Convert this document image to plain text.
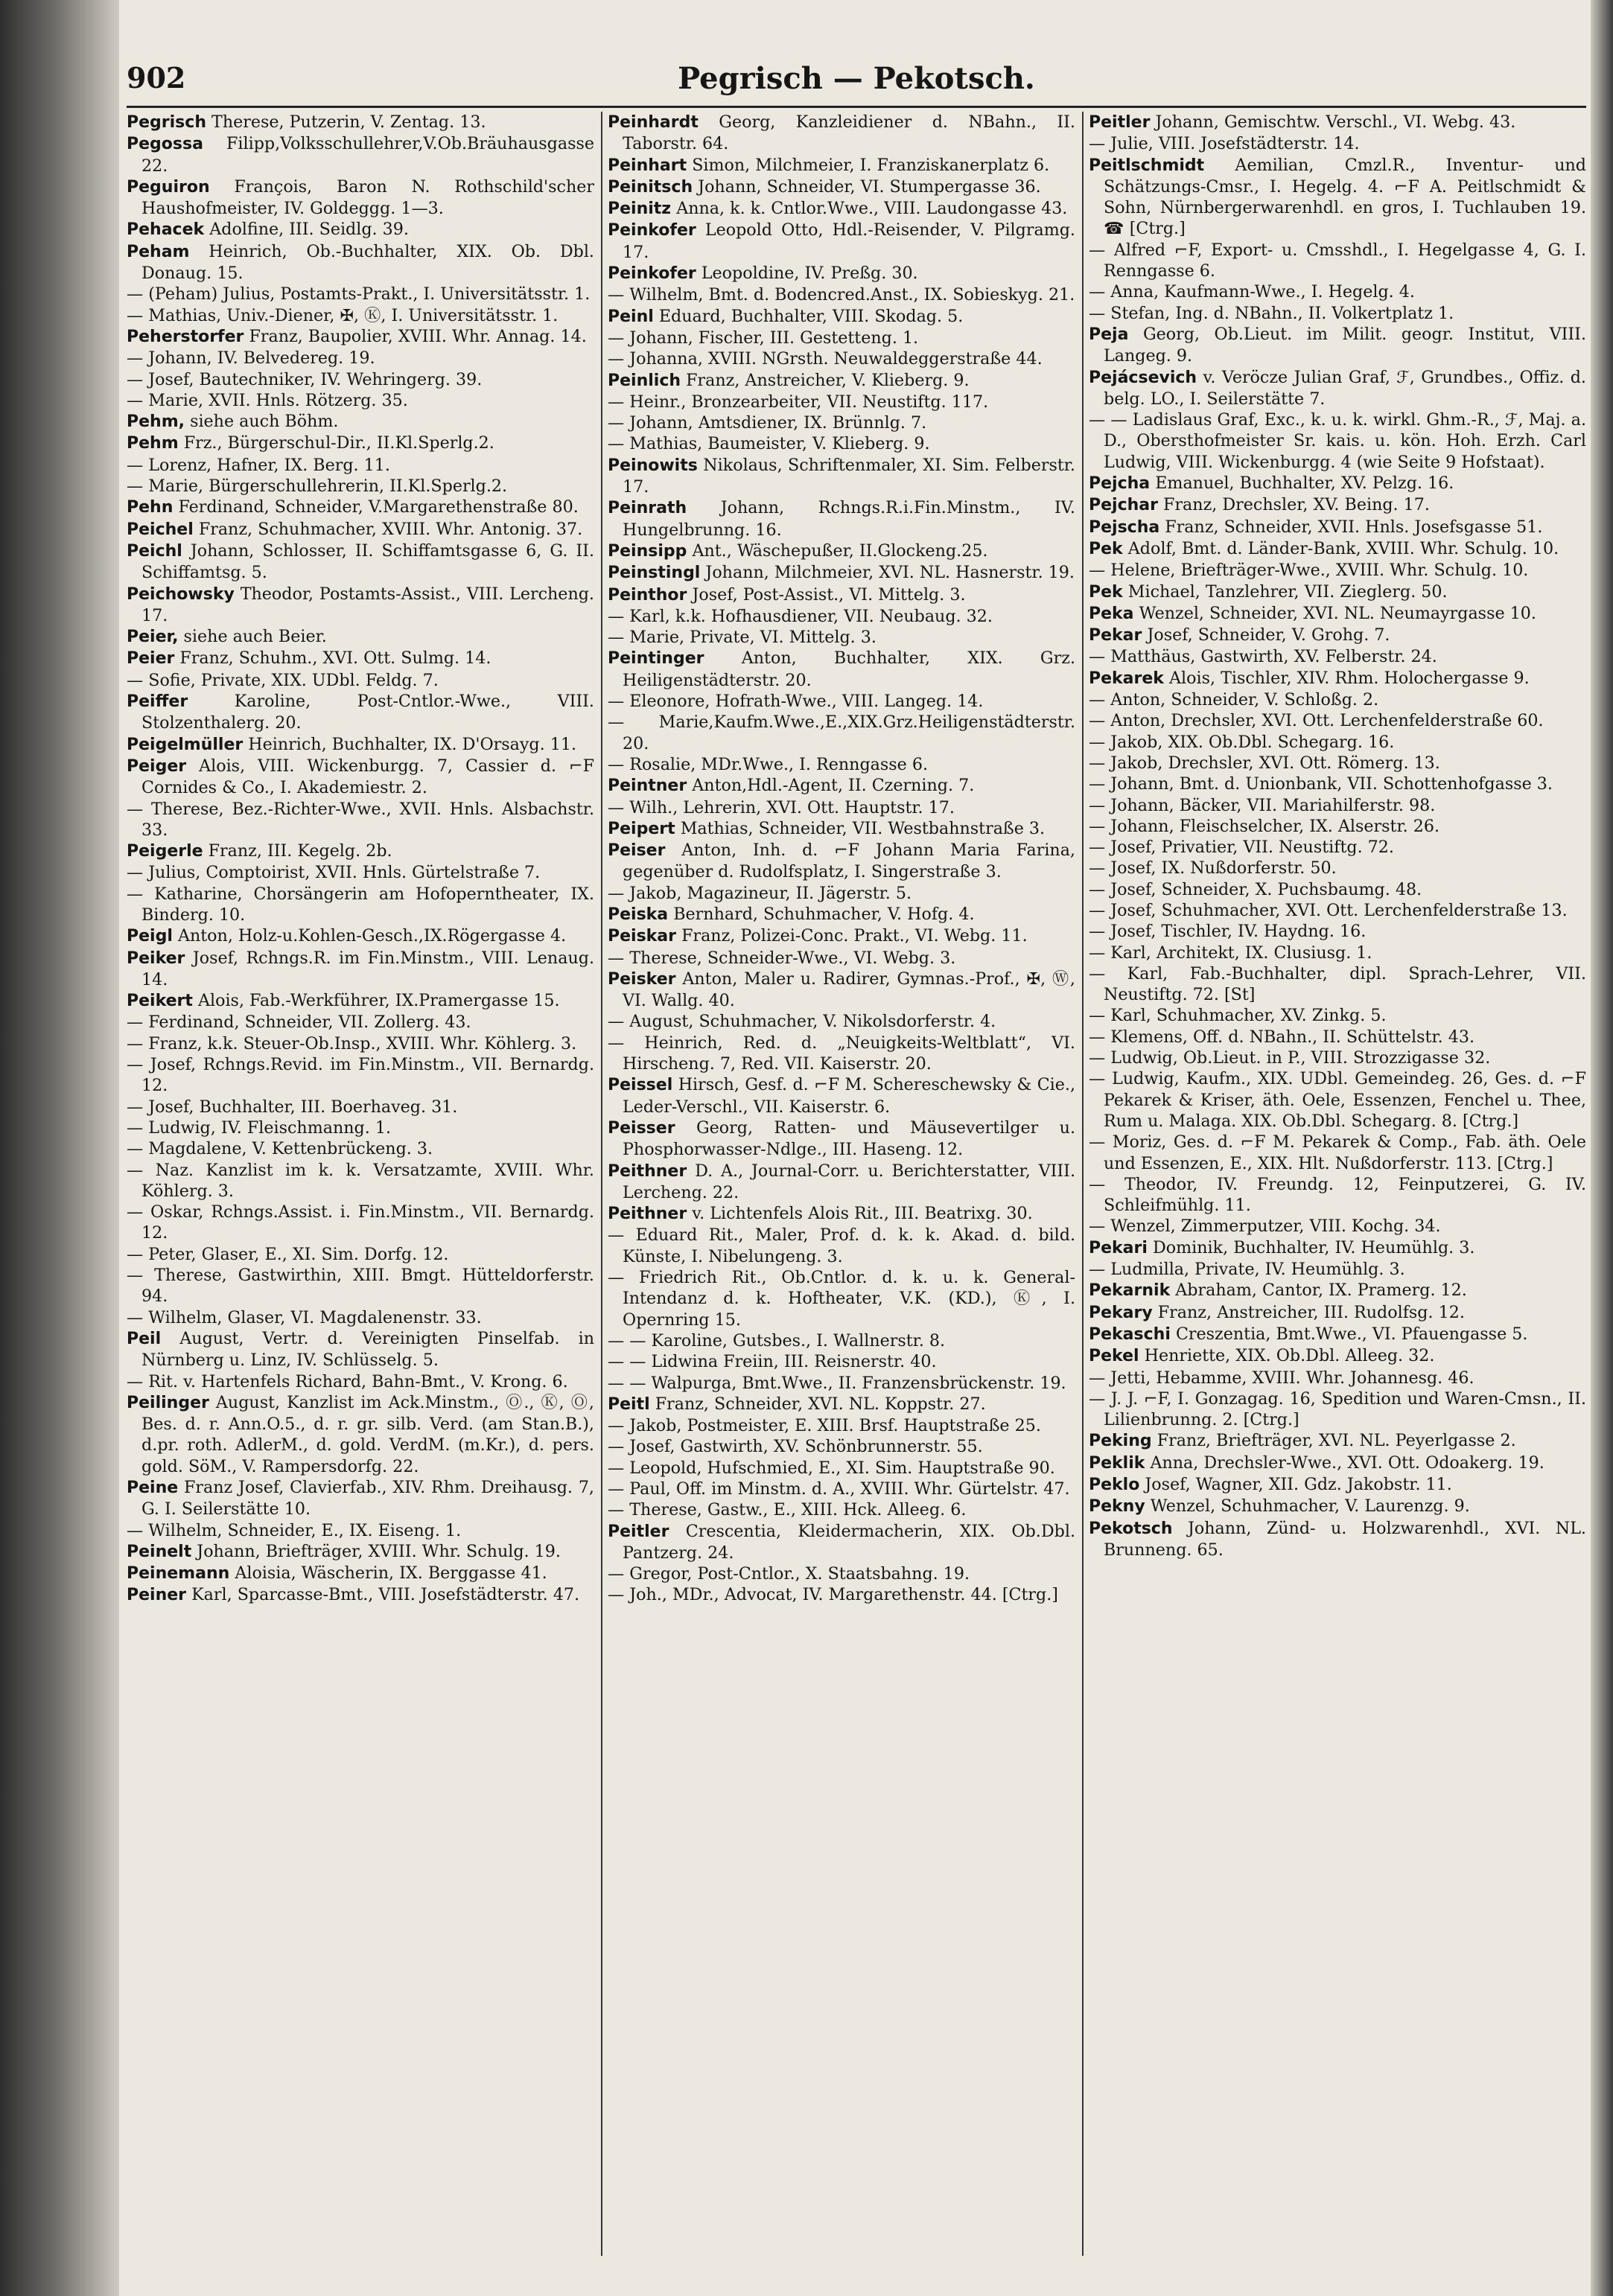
902	Pegrisch — Pekotsch.
Pegrisch Therese, Putzerin, V. Zentag. 13.
Pegossa Filipp,Volksschullehrer,V.Ob.Bräuhausgasse 22.
Peguiron François, Baron N. Rothschild'scher Haushofmeister, IV. Goldeggg. 1—3.
Pehacek Adolfine, III. Seidlg. 39.
Peham Heinrich, Ob.-Buchhalter, XIX. Ob. Dbl. Donaug. 15.
— (Peham) Julius, Postamts-Prakt., I. Universitätsstr. 1.
— Mathias, Univ.-Diener, ✠, Ⓚ, I. Universitätsstr. 1.
Peherstorfer Franz, Baupolier, XVIII. Whr. Annag. 14.
— Johann, IV. Belvedereg. 19.
— Josef, Bautechniker, IV. Wehringerg. 39.
— Marie, XVII. Hnls. Rötzerg. 35.
Pehm, siehe auch Böhm.
Pehm Frz., Bürgerschul-Dir., II.Kl.Sperlg.2.
— Lorenz, Hafner, IX. Berg. 11.
— Marie, Bürgerschullehrerin, II.Kl.Sperlg.2.
Pehn Ferdinand, Schneider, V.Margarethenstraße 80.
Peichel Franz, Schuhmacher, XVIII. Whr. Antonig. 37.
Peichl Johann, Schlosser, II. Schiffamtsgasse 6, G. II. Schiffamtsg. 5.
Peichowsky Theodor, Postamts-Assist., VIII. Lercheng. 17.
Peier, siehe auch Beier.
Peier Franz, Schuhm., XVI. Ott. Sulmg. 14.
— Sofie, Private, XIX. UDbl. Feldg. 7.
Peiffer	Karoline, Post-Cntlor.-Wwe., VIII. Stolzenthalerg. 20.
Peigelmüller Heinrich, Buchhalter, IX. D'Orsayg. 11.
Peiger Alois, VIII. Wickenburgg. 7, Cassier d. ⌐F Cornides & Co., I. Akademiestr. 2.
— Therese, Bez.-Richter-Wwe., XVII. Hnls. Alsbachstr. 33.
Peigerle Franz, III. Kegelg. 2b.
— Julius, Comptoirist, XVII. Hnls. Gürtelstraße 7.
— Katharine, Chorsängerin am Hofoperntheater, IX. Binderg. 10.
Peigl Anton, Holz-u.Kohlen-Gesch.,IX.Rögergasse 4.
Peiker Josef, Rchngs.R. im Fin.Minstm., VIII. Lenaug. 14.
Peikert Alois, Fab.-Werkführer, IX.Pramergasse 15.
— Ferdinand, Schneider, VII. Zollerg. 43.
— Franz, k.k. Steuer-Ob.Insp., XVIII. Whr. Köhlerg. 3.
— Josef, Rchngs.Revid. im Fin.Minstm., VII. Bernardg. 12.
— Josef, Buchhalter, III. Boerhaveg. 31.
— Ludwig, IV. Fleischmanng. 1.
— Magdalene, V. Kettenbrückeng. 3.
— Naz. Kanzlist im k. k. Versatzamte, XVIII. Whr. Köhlerg. 3.
— Oskar, Rchngs.Assist. i. Fin.Minstm., VII. Bernardg. 12.
— Peter, Glaser, E., XI. Sim. Dorfg. 12.
— Therese, Gastwirthin, XIII. Bmgt. Hütteldorferstr. 94.
— Wilhelm, Glaser, VI. Magdalenenstr. 33.
Peil August, Vertr. d. Vereinigten Pinselfab. in Nürnberg u. Linz, IV. Schlüsselg. 5.
— Rit. v. Hartenfels Richard, Bahn-Bmt., V. Krong. 6.
Peilinger August, Kanzlist im Ack.Minstm., Ⓞ., Ⓚ, Ⓞ, Bes. d. r. Ann.O.5., d. r. gr. silb. Verd. (am Stan.B.), d.pr. roth. AdlerM., d. gold. VerdM. (m.Kr.), d. pers. gold. SöM., V. Rampersdorfg. 22.
Peine Franz Josef, Clavierfab., XIV. Rhm. Dreihausg. 7, G. I. Seilerstätte 10.
— Wilhelm, Schneider, E., IX. Eiseng. 1.
Peinelt Johann, Briefträger, XVIII. Whr. Schulg. 19.
Peinemann Aloisia, Wäscherin, IX. Berggasse 41.
Peiner Karl, Sparcasse-Bmt., VIII. Josefstädterstr. 47.
Peinhardt Georg, Kanzleidiener d. NBahn., II. Taborstr. 64.
Peinhart Simon, Milchmeier, I. Franziskanerplatz 6.
Peinitsch Johann, Schneider, VI. Stumpergasse 36.
Peinitz Anna, k. k. Cntlor.Wwe., VIII. Laudongasse 43.
Peinkofer Leopold Otto, Hdl.-Reisender, V. Pilgramg. 17.
Peinkofer Leopoldine, IV. Preßg. 30.
— Wilhelm, Bmt. d. Bodencred.Anst., IX. Sobieskyg. 21.
Peinl Eduard, Buchhalter, VIII. Skodag. 5.
— Johann, Fischer, III. Gestetteng. 1.
— Johanna, XVIII. NGrsth. Neuwaldeggerstraße 44.
Peinlich Franz, Anstreicher, V. Klieberg. 9.
— Heinr., Bronzearbeiter, VII. Neustiftg. 117.
— Johann, Amtsdiener, IX. Brünnlg. 7.
— Mathias, Baumeister, V. Klieberg. 9.
Peinowits Nikolaus, Schriftenmaler, XI. Sim. Felberstr. 17.
Peinrath Johann, Rchngs.R.i.Fin.Minstm., IV. Hungelbrunng. 16.
Peinsipp Ant., Wäschepußer, II.Glockeng.25.
Peinstingl Johann, Milchmeier, XVI. NL. Hasnerstr. 19.
Peinthor Josef, Post-Assist., VI. Mittelg. 3.
— Karl, k.k. Hofhausdiener, VII. Neubaug. 32.
— Marie, Private, VI. Mittelg. 3.
Peintinger Anton, Buchhalter, XIX. Grz. Heiligenstädterstr. 20.
— Eleonore, Hofrath-Wwe., VIII. Langeg. 14.
— Marie,Kaufm.Wwe.,E.,XIX.Grz.Heiligenstädterstr. 20.
— Rosalie, MDr.Wwe., I. Renngasse 6.
Peintner Anton,Hdl.-Agent, II. Czerning. 7.
— Wilh., Lehrerin, XVI. Ott. Hauptstr. 17.
Peipert Mathias, Schneider, VII. Westbahnstraße 3.
Peiser Anton, Inh. d. ⌐F Johann Maria Farina, gegenüber d. Rudolfsplatz, I. Singerstraße 3.
— Jakob, Magazineur, II. Jägerstr. 5.
Peiska Bernhard, Schuhmacher, V. Hofg. 4.
Peiskar Franz, Polizei-Conc. Prakt., VI. Webg. 11.
— Therese, Schneider-Wwe., VI. Webg. 3.
Peisker Anton, Maler u. Radirer, Gymnas.-Prof., ✠, Ⓦ, VI. Wallg. 40.
— August, Schuhmacher, V. Nikolsdorferstr. 4.
— Heinrich, Red. d. „Neuigkeits-Weltblatt“, VI. Hirscheng. 7, Red. VII. Kaiserstr. 20.
Peissel Hirsch, Gesf. d. ⌐F M. Schereschewsky & Cie., Leder-Verschl., VII. Kaiserstr. 6.
Peisser Georg, Ratten- und Mäusevertilger u. Phosphorwasser-Ndlge., III. Haseng. 12.
Peithner D. A., Journal-Corr. u. Berichterstatter, VIII. Lercheng. 22.
Peithner v. Lichtenfels Alois Rit., III. Beatrixg. 30.
— Eduard Rit., Maler, Prof. d. k. k. Akad. d. bild. Künste, I. Nibelungeng. 3.
— Friedrich Rit., Ob.Cntlor. d. k. u. k. General-Intendanz d. k. Hoftheater, V.K. (KD.), Ⓚ, I. Opernring 15.
— — Karoline, Gutsbes., I. Wallnerstr. 8.
— — Lidwina Freiin, III. Reisnerstr. 40.
— — Walpurga, Bmt.Wwe., II. Franzensbrückenstr. 19.
Peitl Franz, Schneider, XVI. NL. Koppstr. 27.
— Jakob, Postmeister, E. XIII. Brsf. Hauptstraße 25.
— Josef, Gastwirth, XV. Schönbrunnerstr. 55.
— Leopold, Hufschmied, E., XI. Sim. Hauptstraße 90.
— Paul, Off. im Minstm. d. A., XVIII. Whr. Gürtelstr. 47.
— Therese, Gastw., E., XIII. Hck. Alleeg. 6.
Peitler Crescentia, Kleidermacherin, XIX. Ob.Dbl. Pantzerg. 24.
— Gregor, Post-Cntlor., X. Staatsbahng. 19.
— Joh., MDr., Advocat, IV. Margarethenstr. 44. [Ctrg.]
Peitler Johann, Gemischtw. Verschl., VI. Webg. 43.
— Julie, VIII. Josefstädterstr. 14.
Peitlschmidt Aemilian, Cmzl.R., Inventur- und Schätzungs-Cmsr., I. Hegelg. 4. ⌐F A. Peitlschmidt & Sohn, Nürnbergerwarenhdl. en gros, I. Tuchlauben 19. ☎ [Ctrg.]
— Alfred ⌐F, Export- u. Cmsshdl., I. Hegelgasse 4, G. I. Renngasse 6.
— Anna, Kaufmann-Wwe., I. Hegelg. 4.
— Stefan, Ing. d. NBahn., II. Volkertplatz 1.
Peja Georg, Ob.Lieut. im Milit. geogr. Institut, VIII. Langeg. 9.
Pejácsevich v. Veröcze Julian Graf, ℱ, Grundbes., Offiz. d. belg. LO., I. Seilerstätte 7.
— — Ladislaus Graf, Exc., k. u. k. wirkl. Ghm.-R., ℱ, Maj. a. D., Obersthofmeister Sr. kais. u. kön. Hoh. Erzh. Carl Ludwig, VIII. Wickenburgg. 4 (wie Seite 9 Hofstaat).
Pejcha Emanuel, Buchhalter, XV. Pelzg. 16.
Pejchar Franz, Drechsler, XV. Being. 17.
Pejscha Franz, Schneider, XVII. Hnls. Josefsgasse 51.
Pek Adolf, Bmt. d. Länder-Bank, XVIII. Whr. Schulg. 10.
— Helene, Briefträger-Wwe., XVIII. Whr. Schulg. 10.
Pek Michael, Tanzlehrer, VII. Zieglerg. 50.
Peka Wenzel, Schneider, XVI. NL. Neumayrgasse 10.
Pekar Josef, Schneider, V. Grohg. 7.
— Matthäus, Gastwirth, XV. Felberstr. 24.
Pekarek Alois, Tischler, XIV. Rhm. Holochergasse 9.
— Anton, Schneider, V. Schloßg. 2.
— Anton, Drechsler, XVI. Ott. Lerchenfelderstraße 60.
— Jakob, XIX. Ob.Dbl. Schegarg. 16.
— Jakob, Drechsler, XVI. Ott. Römerg. 13.
— Johann, Bmt. d. Unionbank, VII. Schottenhofgasse 3.
— Johann, Bäcker, VII. Mariahilferstr. 98.
— Johann, Fleischselcher, IX. Alserstr. 26.
— Josef, Privatier, VII. Neustiftg. 72.
— Josef, IX. Nußdorferstr. 50.
— Josef, Schneider, X. Puchsbaumg. 48.
— Josef, Schuhmacher, XVI. Ott. Lerchenfelderstraße 13.
— Josef, Tischler, IV. Haydng. 16.
— Karl, Architekt, IX. Clusiusg. 1.
— Karl, Fab.-Buchhalter, dipl. Sprach-Lehrer, VII. Neustiftg. 72. [St]
— Karl, Schuhmacher, XV. Zinkg. 5.
— Klemens, Off. d. NBahn., II. Schüttelstr. 43.
— Ludwig, Ob.Lieut. in P., VIII. Strozzigasse 32.
— Ludwig, Kaufm., XIX. UDbl. Gemeindeg. 26, Ges. d. ⌐F Pekarek & Kriser, äth. Oele, Essenzen, Fenchel u. Thee, Rum u. Malaga. XIX. Ob.Dbl. Schegarg. 8. [Ctrg.]
— Moriz, Ges. d. ⌐F M. Pekarek & Comp., Fab. äth. Oele und Essenzen, E., XIX. Hlt. Nußdorferstr. 113. [Ctrg.]
— Theodor, IV. Freundg. 12, Feinputzerei, G. IV. Schleifmühlg. 11.
— Wenzel, Zimmerputzer, VIII. Kochg. 34.
Pekari Dominik, Buchhalter, IV. Heumühlg. 3.
— Ludmilla, Private, IV. Heumühlg. 3.
Pekarnik Abraham, Cantor, IX. Pramerg. 12.
Pekary Franz, Anstreicher, III. Rudolfsg. 12.
Pekaschi Creszentia, Bmt.Wwe., VI. Pfauengasse 5.
Pekel Henriette, XIX. Ob.Dbl. Alleeg. 32.
— Jetti, Hebamme, XVIII. Whr. Johannesg. 46.
— J. J. ⌐F, I. Gonzagag. 16, Spedition und Waren-Cmsn., II. Lilienbrunng. 2. [Ctrg.]
Peking Franz, Briefträger, XVI. NL. Peyerlgasse 2.
Peklik Anna, Drechsler-Wwe., XVI. Ott. Odoakerg. 19.
Peklo Josef, Wagner, XII. Gdz. Jakobstr. 11.
Pekny Wenzel, Schuhmacher, V. Laurenzg. 9.
Pekotsch Johann, Zünd- u. Holzwarenhdl., XVI. NL. Brunneng. 65.
